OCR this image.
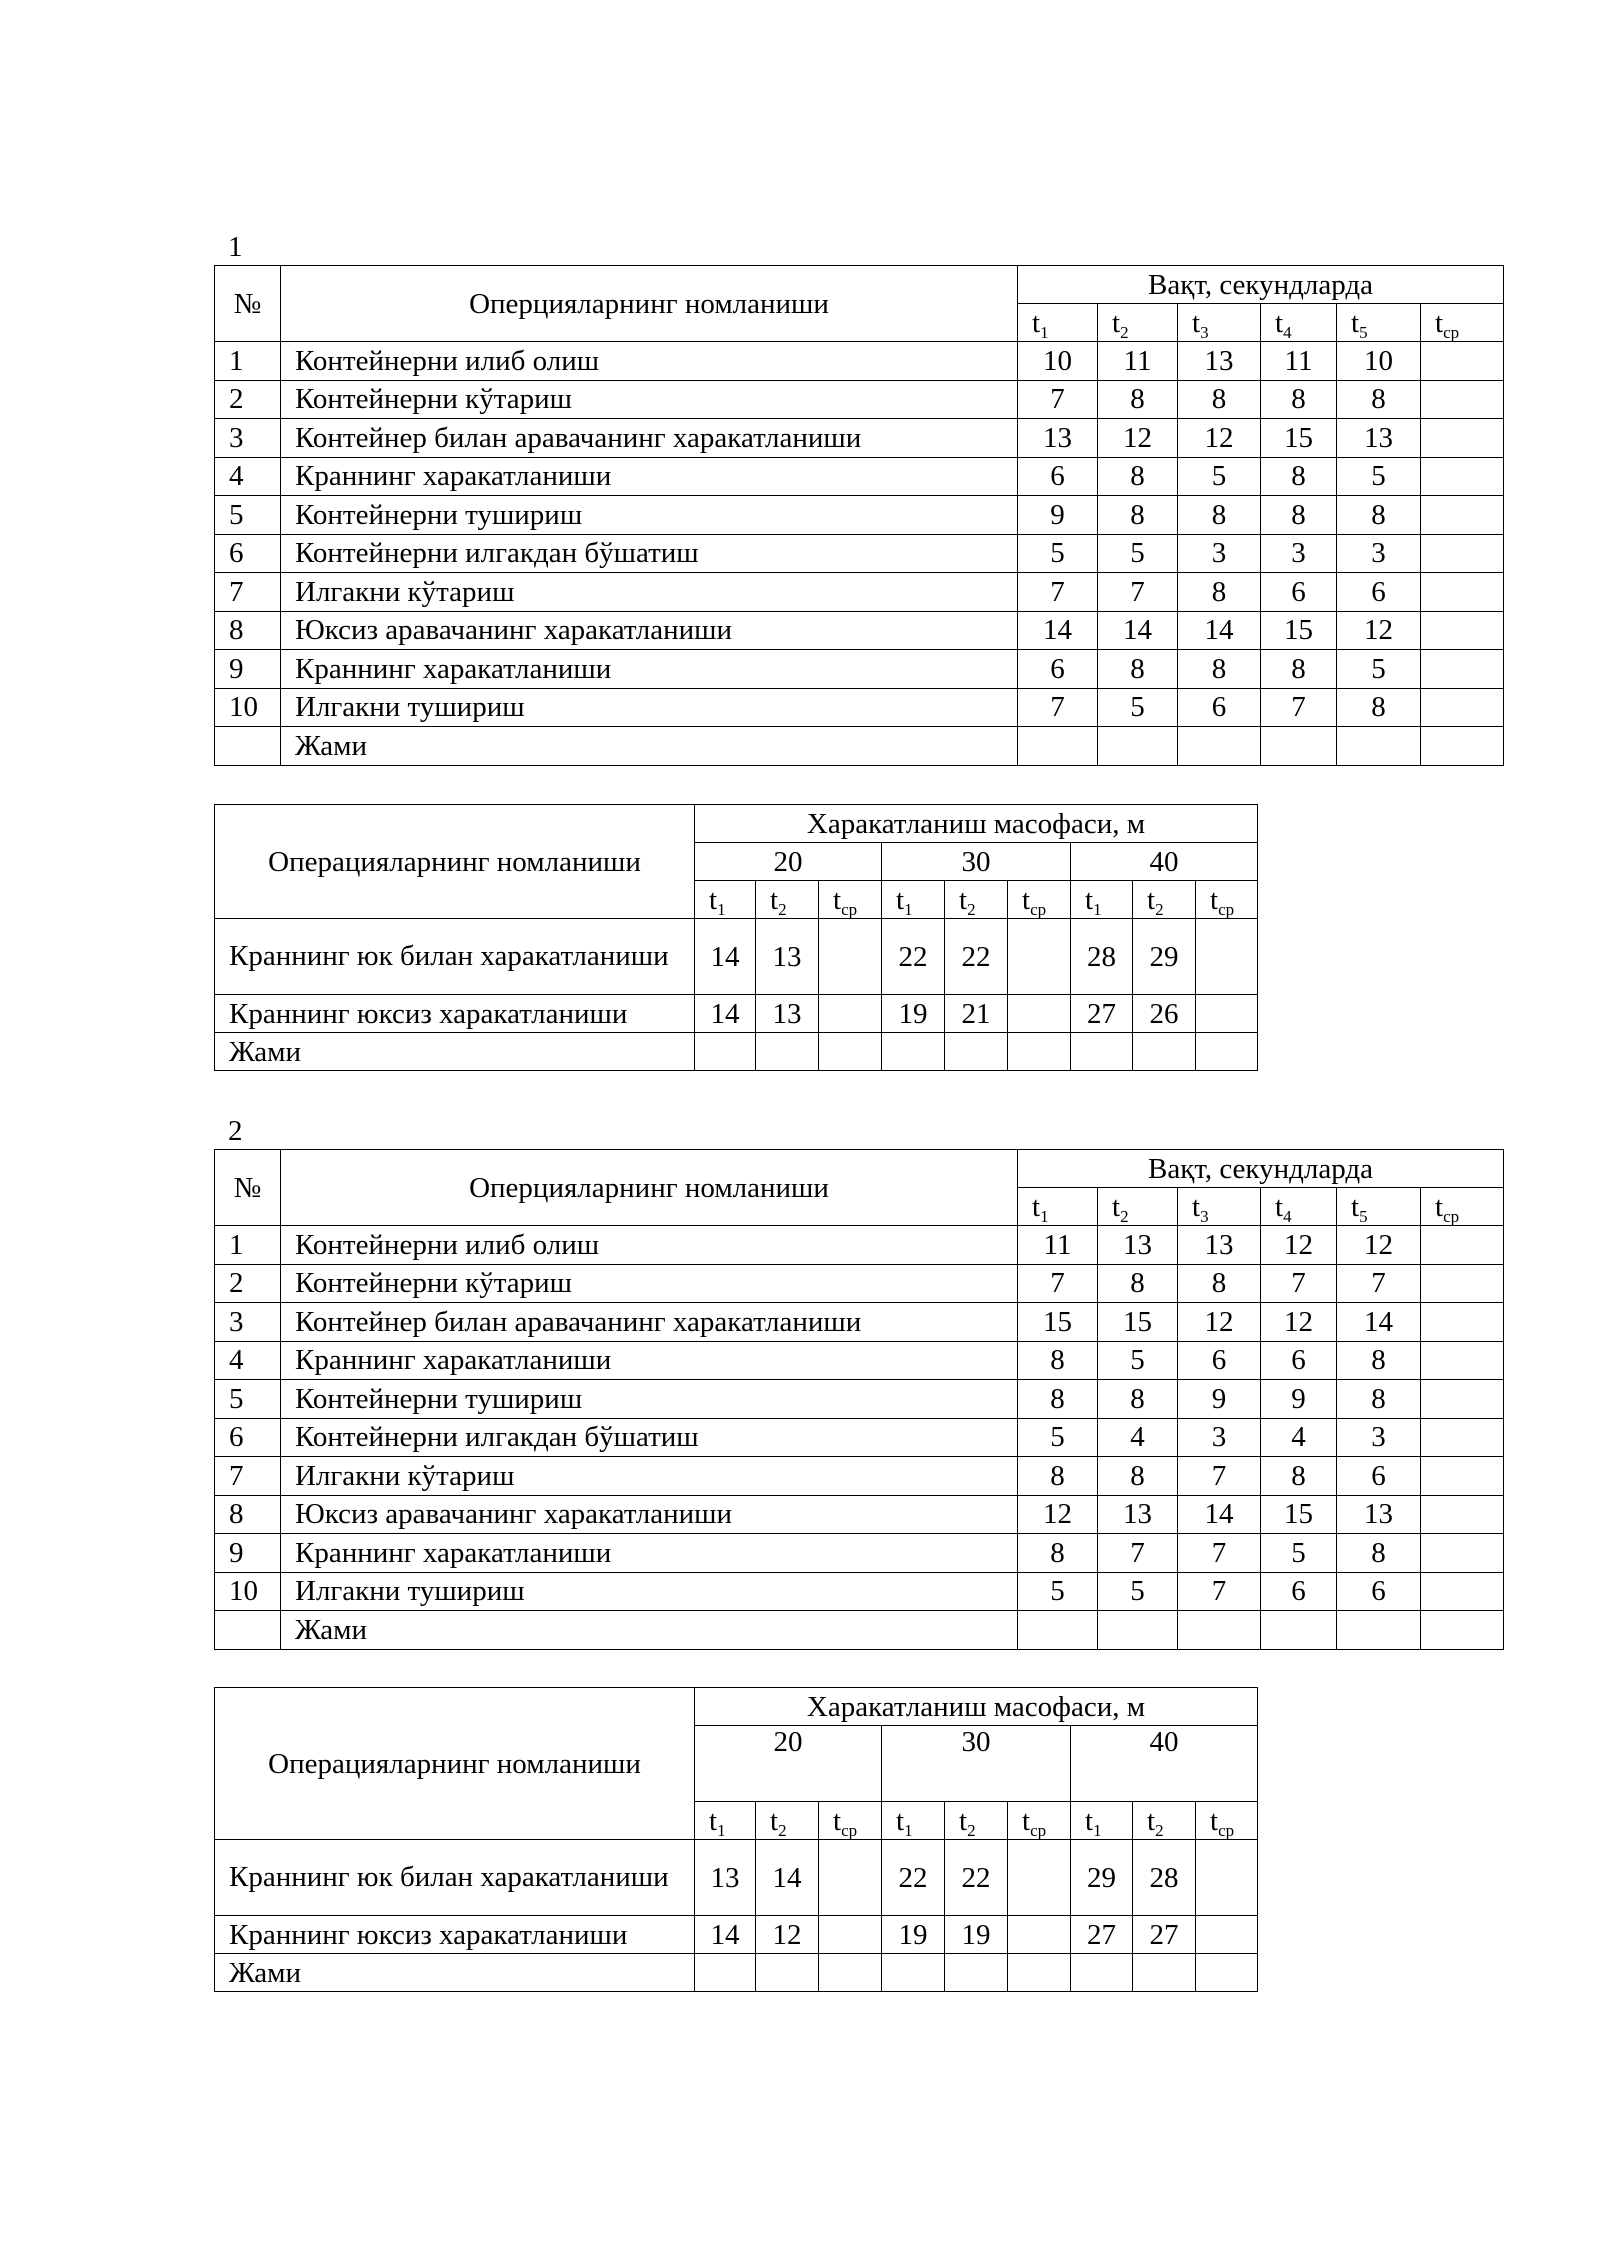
1
№	Оперцияларнинг номланиши	Вақт, секундларда					
		$t_1$	$t_2$	$t_3$	$t_4$	$t_5$	$t_{ср}$
1	Контейнерни илиб олиш	10	11	13	11	10	
2	Контейнерни кўтариш	7	8	8	8	8	
3	Контейнер билан аравачанинг харакатланиши	13	12	12	15	13	
4	Краннинг харакатланиши	6	8	5	8	5	
5	Контейнерни тушириш	9	8	8	8	8	
6	Контейнерни илгакдан бўшатиш	5	5	3	3	3	
7	Илгакни кўтариш	7	7	8	6	6	
8	Юксиз аравачанинг харакатланиши	14	14	14	15	12	
9	Краннинг харакатланиши	6	8	8	8	5	
10	Илгакни тушириш	7	5	6	7	8	
	Жами						
Операцияларнинг номланиши	Харакатланиш масофаси, м								
	20			30			40		
	$t_1$	$t_2$	$t_{ср}$	$t_1$	$t_2$	$t_{ср}$	$t_1$	$t_2$	$t_{ср}$
Краннинг юк билан харакатланиши	14	13		22	22		28	29	
Краннинг юксиз харакатланиши	14	13		19	21		27	26	
Жами									
2
№	Оперцияларнинг номланиши	Вақт, секундларда					
		$t_1$	$t_2$	$t_3$	$t_4$	$t_5$	$t_{ср}$
1	Контейнерни илиб олиш	11	13	13	12	12	
2	Контейнерни кўтариш	7	8	8	7	7	
3	Контейнер билан аравачанинг харакатланиши	15	15	12	12	14	
4	Краннинг харакатланиши	8	5	6	6	8	
5	Контейнерни тушириш	8	8	9	9	8	
6	Контейнерни илгакдан бўшатиш	5	4	3	4	3	
7	Илгакни кўтариш	8	8	7	8	6	
8	Юксиз аравачанинг харакатланиши	12	13	14	15	13	
9	Краннинг харакатланиши	8	7	7	5	8	
10	Илгакни тушириш	5	5	7	6	6	
	Жами						
Операцияларнинг номланиши	Харакатланиш масофаси, м								
	20			30			40		
	$t_1$	$t_2$	$t_{ср}$	$t_1$	$t_2$	$t_{ср}$	$t_1$	$t_2$	$t_{ср}$
Краннинг юк билан харакатланиши	13	14		22	22		29	28	
Краннинг юксиз харакатланиши	14	12		19	19		27	27	
Жами									
